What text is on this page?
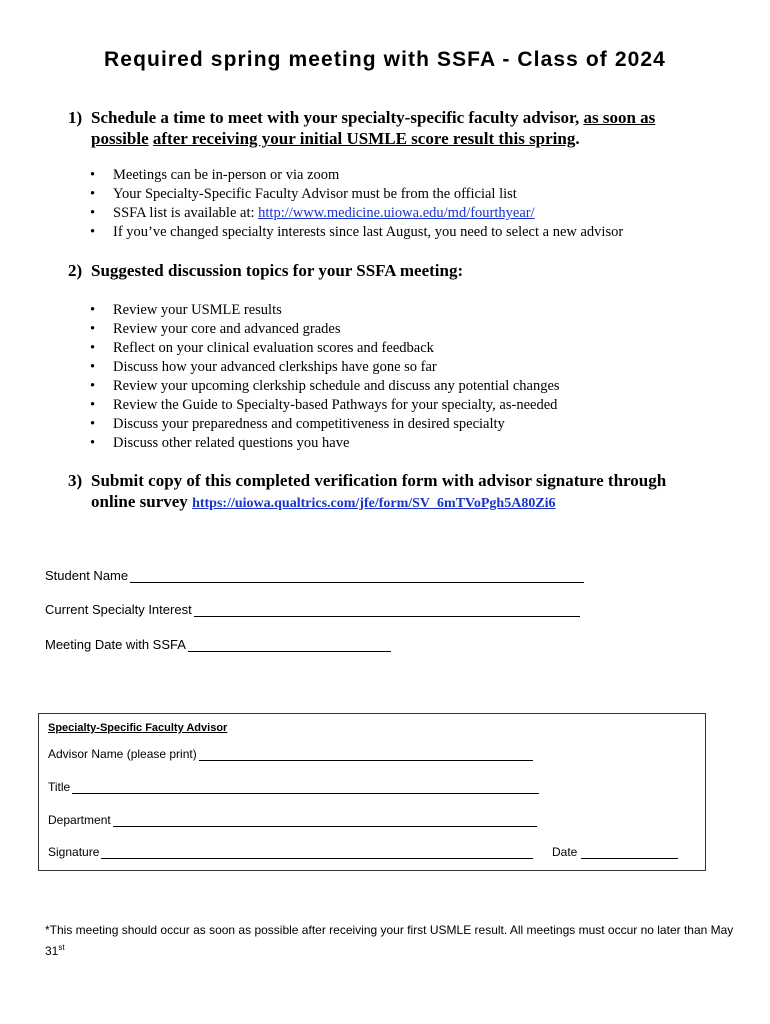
Required spring meeting with SSFA - Class of 2024
1) Schedule a time to meet with your specialty-specific faculty advisor, as soon as possible after receiving your initial USMLE score result this spring.
• Meetings can be in-person or via zoom
• Your Specialty-Specific Faculty Advisor must be from the official list
• SSFA list is available at: http://www.medicine.uiowa.edu/md/fourthyear/
• If you’ve changed specialty interests since last August, you need to select a new advisor
2) Suggested discussion topics for your SSFA meeting:
• Review your USMLE results
• Review your core and advanced grades
• Reflect on your clinical evaluation scores and feedback
• Discuss how your advanced clerkships have gone so far
• Review your upcoming clerkship schedule and discuss any potential changes
• Review the Guide to Specialty-based Pathways for your specialty, as-needed
• Discuss your preparedness and competitiveness in desired specialty
• Discuss other related questions you have
3) Submit copy of this completed verification form with advisor signature through online survey https://uiowa.qualtrics.com/jfe/form/SV_6mTVoPgh5A80Zi6
Student Name
Current Specialty Interest
Meeting Date with SSFA
Specialty-Specific Faculty Advisor
Advisor Name (please print)
Title
Department
Signature	Date
*This meeting should occur as soon as possible after receiving your first USMLE result. All meetings must occur no later than May 31st
